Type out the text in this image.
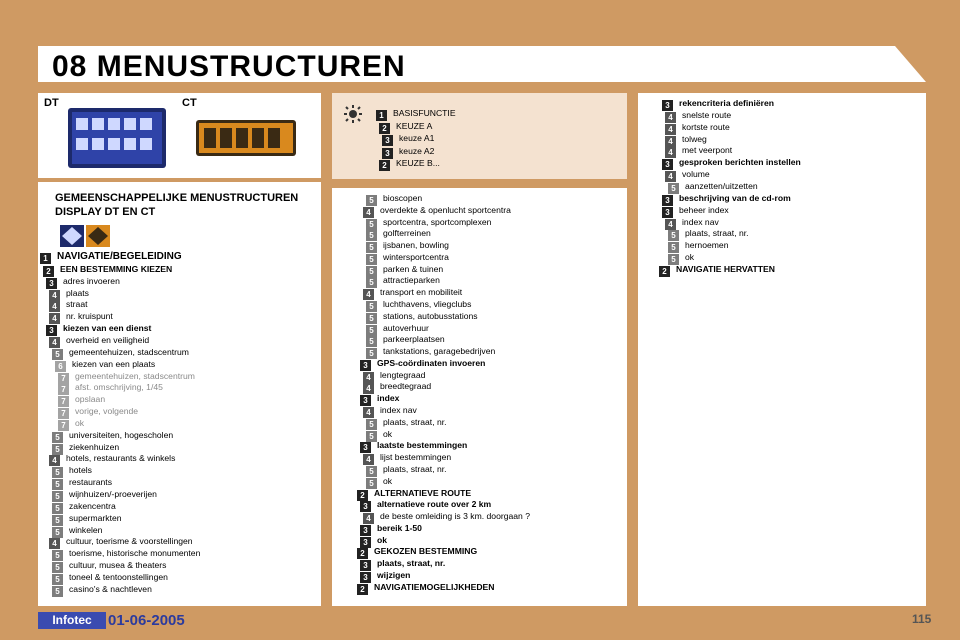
08 MENUSTRUCTUREN
DT	CT
GEMEENSCHAPPELIJKE MENUSTRUCTUREN
DISPLAY DT EN CT
1 NAVIGATIE/BEGELEIDING
2 EEN BESTEMMING KIEZEN
3 adres invoeren
4 plaats
4 straat
4 nr. kruispunt
3 kiezen van een dienst
4 overheid en veiligheid
5 gemeentehuizen, stadscentrum
6 kiezen van een plaats
7 gemeentehuizen, stadscentrum
7 afst. omschrijving, 1/45
7 opslaan
7 vorige, volgende
7 ok
5 universiteiten, hogescholen
5 ziekenhuizen
4 hotels, restaurants & winkels
5 hotels
5 restaurants
5 wijnhuizen/-proeverijen
5 zakencentra
5 supermarkten
5 winkelen
4 cultuur, toerisme & voorstellingen
5 toerisme, historische monumenten
5 cultuur, musea & theaters
5 toneel & tentoonstellingen
5 casino's & nachtleven
1 BASISFUNCTIE
2 KEUZE A
3 keuze A1
3 keuze A2
2 KEUZE B...
5 bioscopen
4 overdekte & openlucht sportcentra
5 sportcentra, sportcomplexen
5 golfterreinen
5 ijsbanen, bowling
5 wintersportcentra
5 parken & tuinen
5 attractieparken
4 transport en mobiliteit
5 luchthavens, vliegclubs
5 stations, autobusstations
5 autoverhuur
5 parkeerplaatsen
5 tankstations, garagebedrijven
3 GPS-coördinaten invoeren
4 lengtegraad
4 breedtegraad
3 index
4 index nav
5 plaats, straat, nr.
5 ok
3 laatste bestemmingen
4 lijst bestemmingen
5 plaats, straat, nr.
5 ok
2 ALTERNATIEVE ROUTE
3 alternatieve route over 2 km
4 de beste omleiding is 3 km. doorgaan ?
3 bereik 1-50
3 ok
2 GEKOZEN BESTEMMING
3 plaats, straat, nr.
3 wijzigen
2 NAVIGATIEMOGELIJKHEDEN
3 rekencriteria definiëren
4 snelste route
4 kortste route
4 tolweg
4 met veerpont
3 gesproken berichten instellen
4 volume
5 aanzetten/uitzetten
3 beschrijving van de cd-rom
3 beheer index
4 index nav
5 plaats, straat, nr.
5 hernoemen
5 ok
2 NAVIGATIE HERVATTEN
Infotec	01-06-2005	115
